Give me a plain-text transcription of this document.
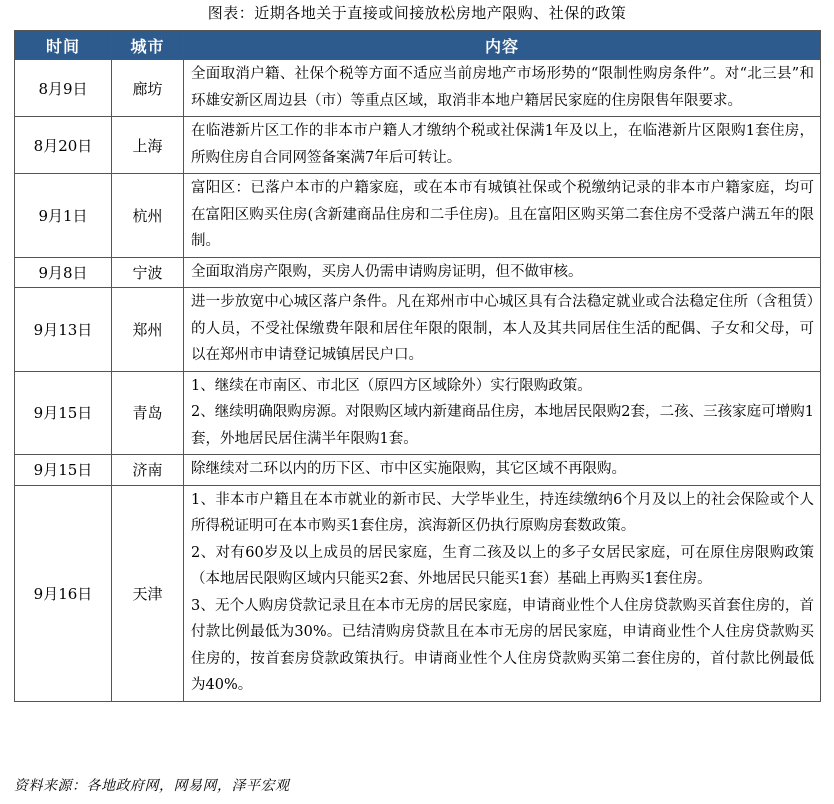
图表：近期各地关于直接或间接放松房地产限购、社保的政策
时间	城市	内容
8月9日	廊坊	全面取消户籍、社保个税等方面不适应当前房地产市场形势的“限制性购房条件”。对“北三县”和环雄安新区周边县（市）等重点区域，取消非本地户籍居民家庭的住房限售年限要求。

8月20日	上海	在临港新片区工作的非本市户籍人才缴纳个税或社保满1年及以上，在临港新片区限购1套住房，所购住房自合同网签备案满7年后可转让。

9月1日	杭州	富阳区：已落户本市的户籍家庭，或在本市有城镇社保或个税缴纳记录的非本市户籍家庭，均可在富阳区购买住房(含新建商品住房和二手住房)。且在富阳区购买第二套住房不受落户满五年的限制。

9月8日	宁波	全面取消房产限购，买房人仍需申请购房证明，但不做审核。

9月13日	郑州	进一步放宽中心城区落户条件。凡在郑州市中心城区具有合法稳定就业或合法稳定住所（含租赁）的人员，不受社保缴费年限和居住年限的限制，本人及其共同居住生活的配偶、子女和父母，可以在郑州市申请登记城镇居民户口。

9月15日	青岛	1、继续在市南区、市北区（原四方区域除外）实行限购政策。
2、继续明确限购房源。对限购区域内新建商品住房，本地居民限购2套，二孩、三孩家庭可增购1套，外地居民居住满半年限购1套。

9月15日	济南	除继续对二环以内的历下区、市中区实施限购，其它区域不再限购。

9月16日	天津	1、非本市户籍且在本市就业的新市民、大学毕业生，持连续缴纳6个月及以上的社会保险或个人所得税证明可在本市购买1套住房，滨海新区仍执行原购房套数政策。
2、对有60岁及以上成员的居民家庭，生育二孩及以上的多子女居民家庭，可在原住房限购政策（本地居民限购区域内只能买2套、外地居民只能买1套）基础上再购买1套住房。
3、无个人购房贷款记录且在本市无房的居民家庭，申请商业性个人住房贷款购买首套住房的，首付款比例最低为30%。已结清购房贷款且在本市无房的居民家庭，申请商业性个人住房贷款购买住房的，按首套房贷款政策执行。申请商业性个人住房贷款购买第二套住房的，首付款比例最低为40%。
资料来源：各地政府网，网易网，泽平宏观
